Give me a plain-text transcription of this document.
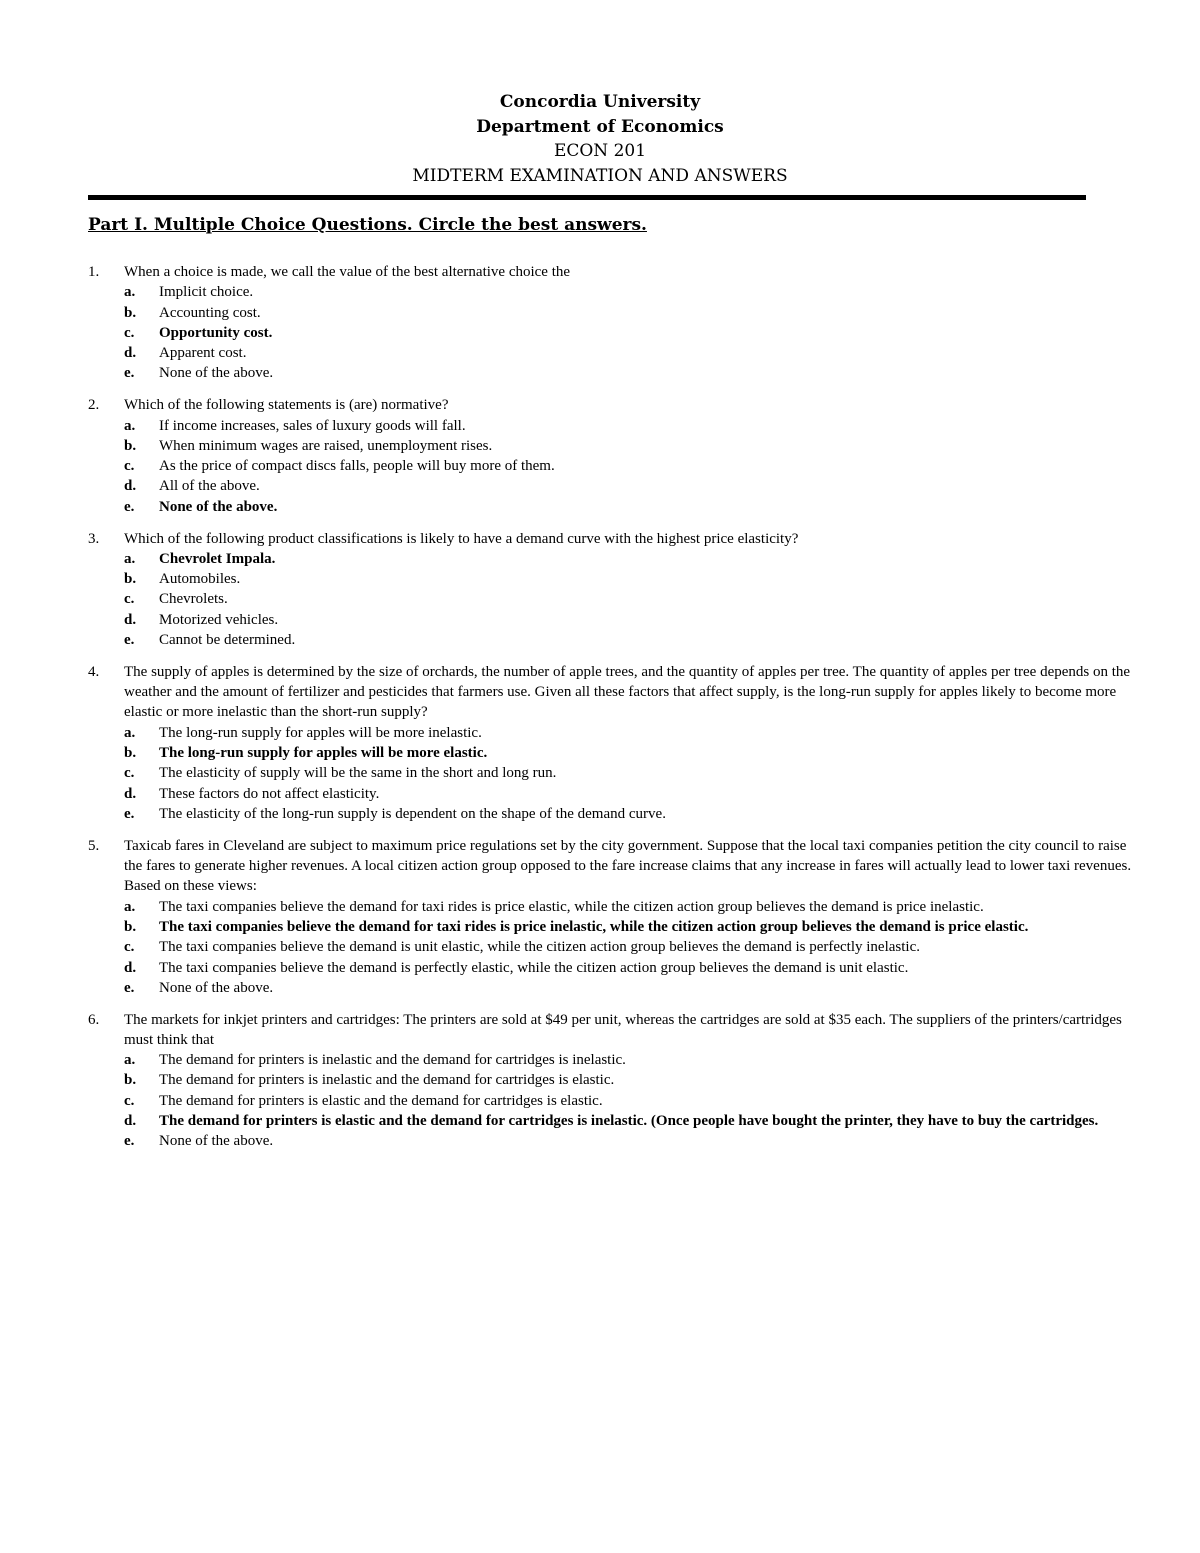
Concordia University
Department of Economics
ECON 201
MIDTERM EXAMINATION AND ANSWERS
Part I. Multiple Choice Questions. Circle the best answers.
1. When a choice is made, we call the value of the best alternative choice the
a. Implicit choice.
b. Accounting cost.
c. Opportunity cost.
d. Apparent cost.
e. None of the above.
2. Which of the following statements is (are) normative?
a. If income increases, sales of luxury goods will fall.
b. When minimum wages are raised, unemployment rises.
c. As the price of compact discs falls, people will buy more of them.
d. All of the above.
e. None of the above.
3. Which of the following product classifications is likely to have a demand curve with the highest price elasticity?
a. Chevrolet Impala.
b. Automobiles.
c. Chevrolets.
d. Motorized vehicles.
e. Cannot be determined.
4. The supply of apples is determined by the size of orchards, the number of apple trees, and the quantity of apples per tree. The quantity of apples per tree depends on the weather and the amount of fertilizer and pesticides that farmers use. Given all these factors that affect supply, is the long-run supply for apples likely to become more elastic or more inelastic than the short-run supply?
a. The long-run supply for apples will be more inelastic.
b. The long-run supply for apples will be more elastic.
c. The elasticity of supply will be the same in the short and long run.
d. These factors do not affect elasticity.
e. The elasticity of the long-run supply is dependent on the shape of the demand curve.
5. Taxicab fares in Cleveland are subject to maximum price regulations set by the city government. Suppose that the local taxi companies petition the city council to raise the fares to generate higher revenues. A local citizen action group opposed to the fare increase claims that any increase in fares will actually lead to lower taxi revenues. Based on these views:
a. The taxi companies believe the demand for taxi rides is price elastic, while the citizen action group believes the demand is price inelastic.
b. The taxi companies believe the demand for taxi rides is price inelastic, while the citizen action group believes the demand is price elastic.
c. The taxi companies believe the demand is unit elastic, while the citizen action group believes the demand is perfectly inelastic.
d. The taxi companies believe the demand is perfectly elastic, while the citizen action group believes the demand is unit elastic.
e. None of the above.
6. The markets for inkjet printers and cartridges: The printers are sold at $49 per unit, whereas the cartridges are sold at $35 each. The suppliers of the printers/cartridges must think that
a. The demand for printers is inelastic and the demand for cartridges is inelastic.
b. The demand for printers is inelastic and the demand for cartridges is elastic.
c. The demand for printers is elastic and the demand for cartridges is elastic.
d. The demand for printers is elastic and the demand for cartridges is inelastic. (Once people have bought the printer, they have to buy the cartridges.
e. None of the above.
